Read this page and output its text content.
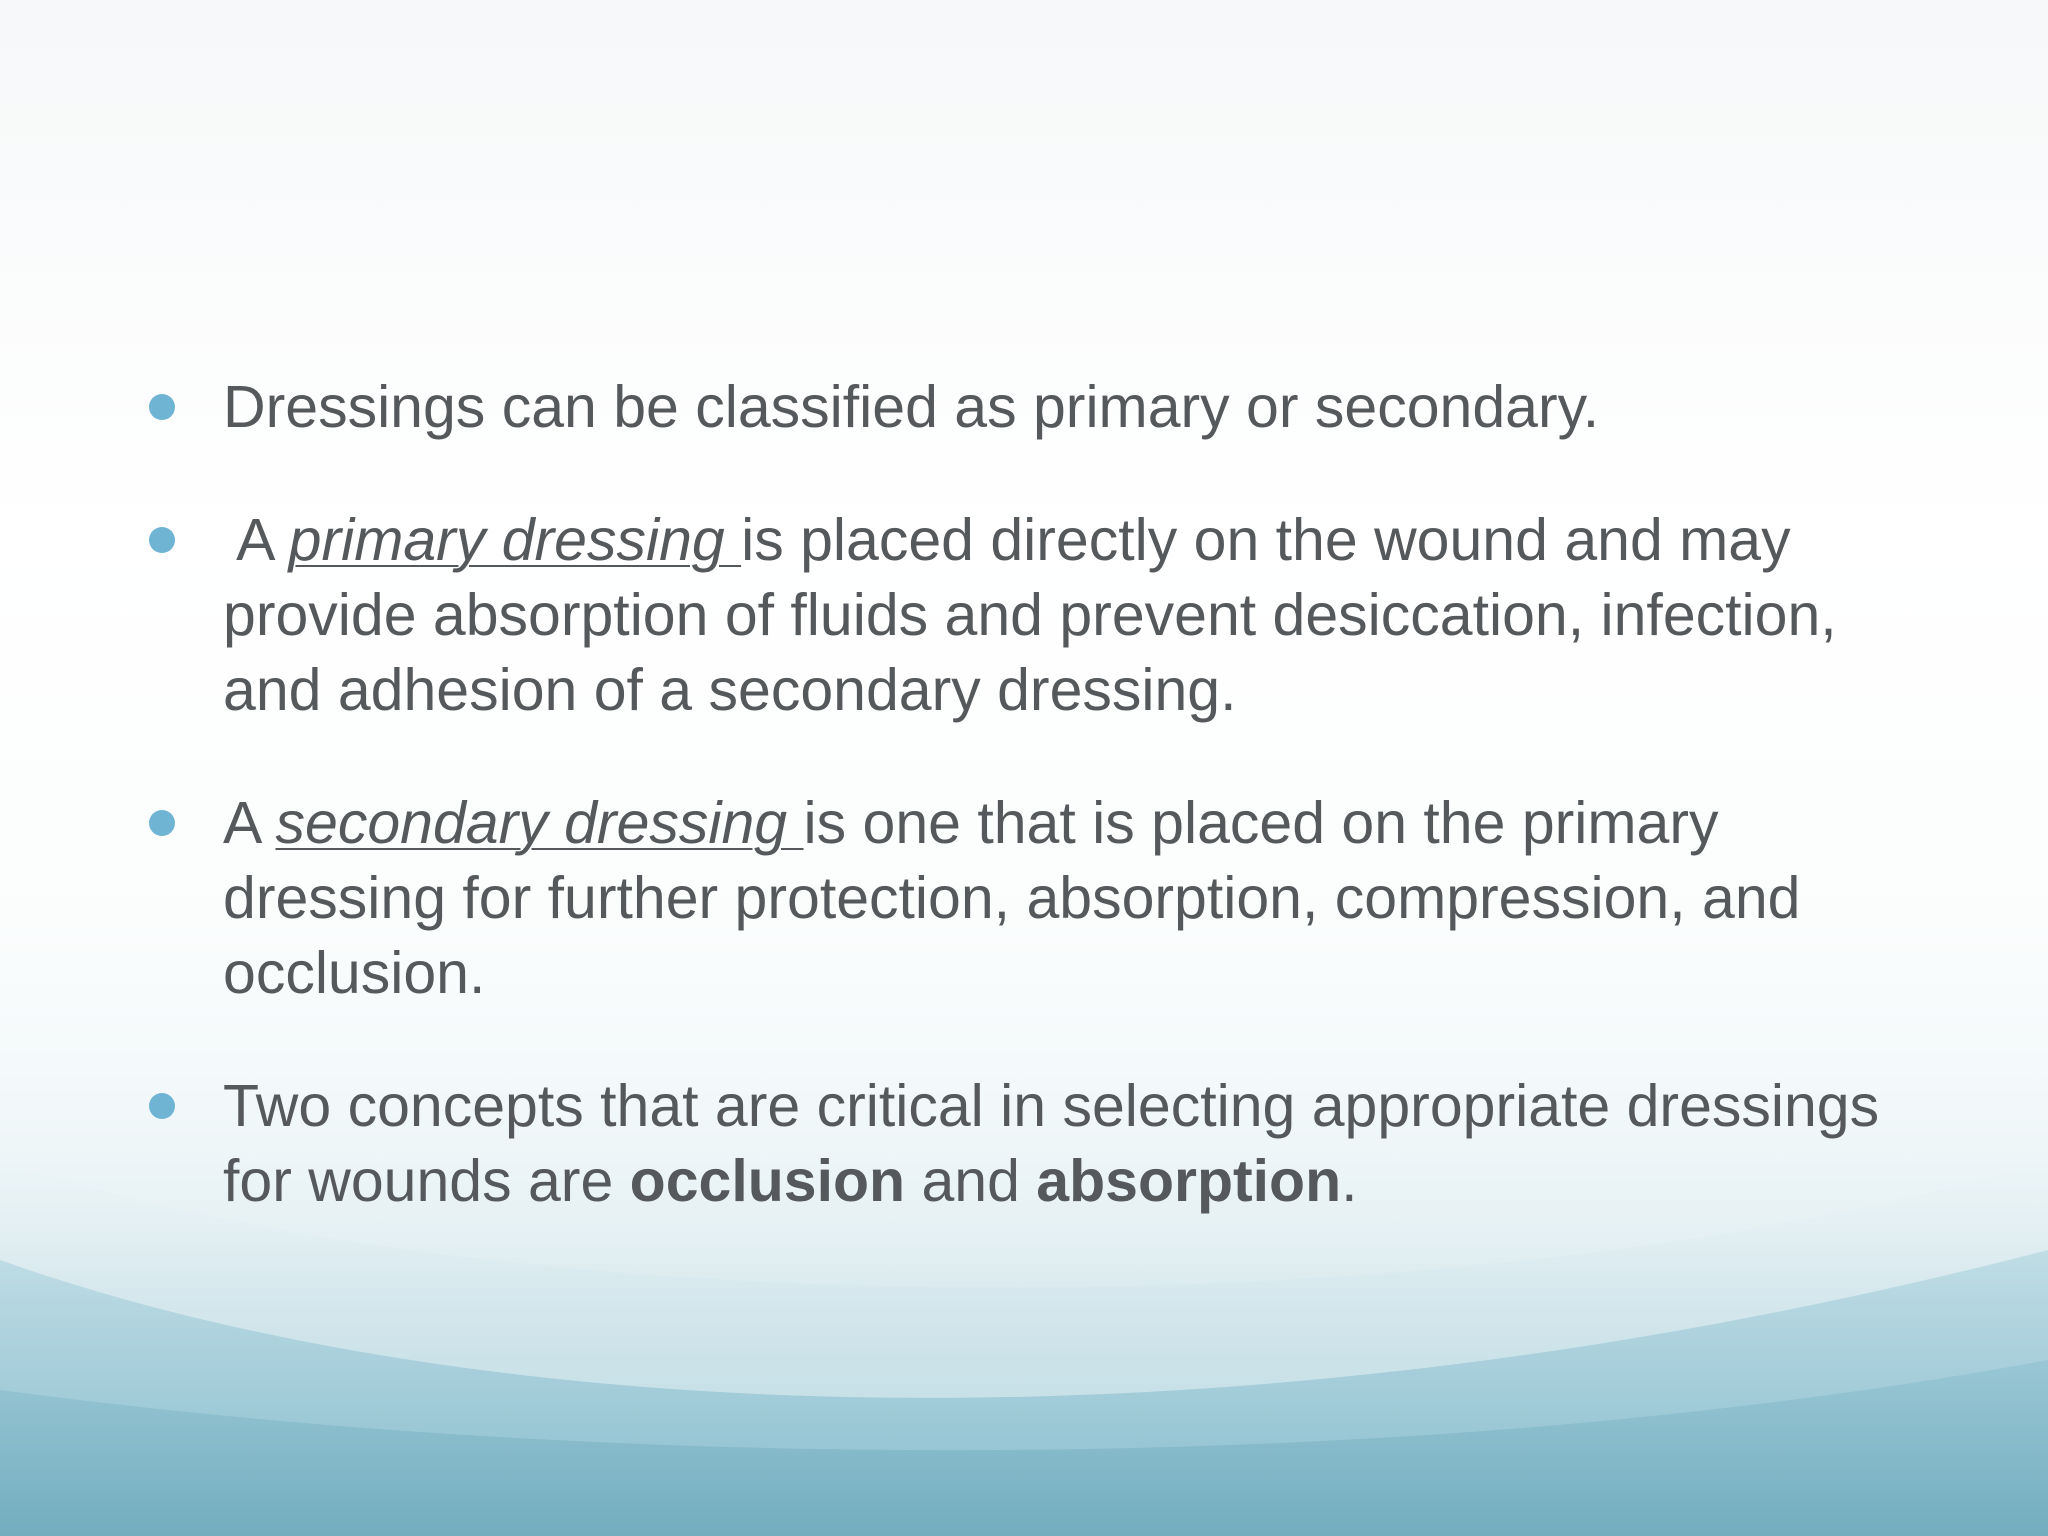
Dressings can be classified as primary or secondary.
A primary dressing is placed directly on the wound and may provide absorption of fluids and prevent desiccation, infection, and adhesion of a secondary dressing.
A secondary dressing is one that is placed on the primary dressing for further protection, absorption, compression, and occlusion.
Two concepts that are critical in selecting appropriate dressings for wounds are occlusion and absorption.
